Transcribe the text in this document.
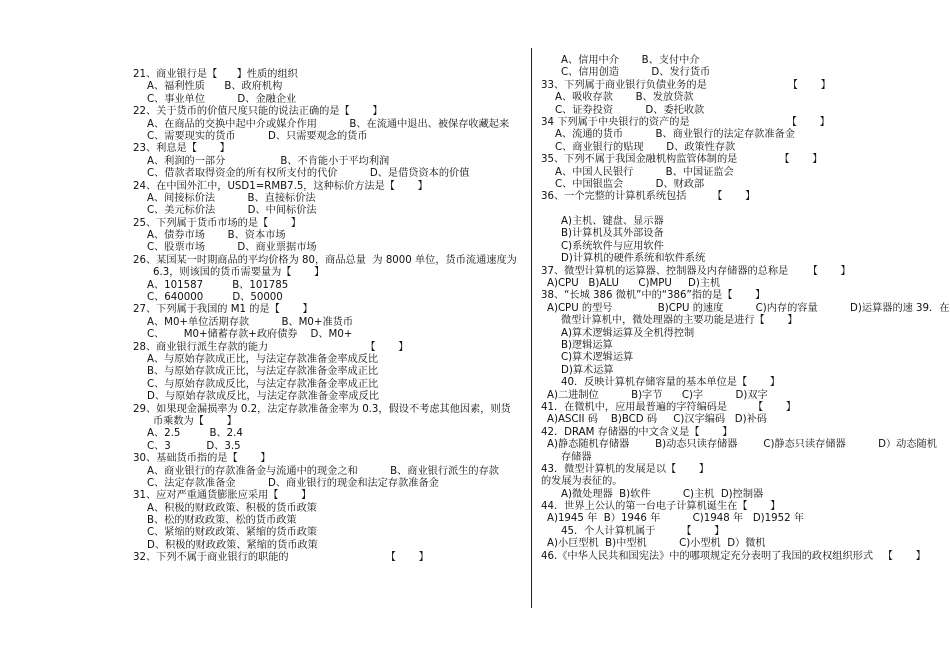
21、商业银行是【      】性质的组织
A、福利性质      B、政府机构
C、事业单位          D、金融企业
22、关于货币的价值尺度只能的说法正确的是【       】
A、在商品的交换中起中介或媒介作用          B、在流通中退出、被保存收藏起来
C、需要现实的货币          D、只需要观念的货币
23、利息是【       】
A、利润的一部分                 B、不肯能小于平均利润
C、借款者取得资金的所有权所支付的代价          D、是借贷资本的价值
24、在中国外汇中，USD1=RMB7.5，这种标价方法是【       】
A、间接标价法          B、直接标价法
C、美元标价法          D、中间标价法
25、下列属于货币市场的是【       】
A、债券市场       B、资本市场
C、股票市场          D、商业票据市场
26、某国某一时期商品的平均价格为 80，商品总量  为 8000 单位，货币流通速度为
6.3，则该国的货币需要量为【       】
A、101587         B、101785
C、640000         D、50000
27、下列属于我国的 M1 的是【       】
A、M0+单位活期存款          B、M0+准货币
C、      M0+储蓄存款+政府债券    D、M0+
28、商业银行派生存款的能力                              【       】
A、与原始存款成正比，与法定存款准备金率成反比
B、与原始存款成正比，与法定存款准备金率成正比
C、与原始存款成反比，与法定存款准备金率成正比
D、与原始存款成反比，与法定存款准备金率成反比
29、如果现金漏损率为 0.2，法定存款准备金率为 0.3，假设不考虑其他因素，则货
币乘数为【       】
A、2.5         B、2.4
C、3           D、3.5
30、基础货币指的是【       】
A、商业银行的存款准备金与流通中的现金之和          B、商业银行派生的存款
C、法定存款准备金          D、商业银行的现金和法定存款准备金
31、应对严重通货膨胀应采用【       】
A、积极的财政政策、积极的货币政策
B、松的财政政策、松的货币政策
C、紧缩的财政政策、紧缩的货币政策
D、积极的财政政策、紧缩的货币政策
32、下列不属于商业银行的职能的                              【       】
A、信用中介       B、支付中介
C、信用创造          D、发行货币
33、下列属于商业银行负债业务的是                         【       】
A、吸收存款       B、发放贷款
C、证券投资          D、委托收款
34 下列属于中央银行的资产的是                              【       】
A、流通的货币          B、商业银行的法定存款准备金
C、商业银行的贴现       D、政策性存款
35、下列不属于我国金融机构监管体制的是             【       】
A、中国人民银行          B、中国证监会
C、中国银监会          D、财政部
36、一个完整的计算机系统包括        【       】
A)主机、键盘、显示器
B)计算机及其外部设备
C)系统软件与应用软件
D)计算机的硬件系统和软件系统
37、微型计算机的运算器、控制器及内存储器的总称是      【       】
A)CPU   B)ALU      C)MPU     D)主机
38、“长城 386 微机”中的“386”指的是【       】
A)CPU 的型号              B)CPU 的速度          C)内存的容量          D)运算器的速 39．在
微型计算机中，微处理器的主要功能是进行【       】
A)算术逻辑运算及全机得控制
B)逻辑运算
C)算术逻辑运算
D)算术运算
40．反映计算机存储容量的基本单位是【       】
A)二进制位          B)字节      C)字          D)双字
41．在微机中，应用最普遍的字符编码是        【       】
A)ASCII 码    B)BCD 码     C)汉字编码   D)补码
42．DRAM 存储器的中文含义是【       】
A)静态随机存储器        B)动态只读存储器        C)静态只读存储器          D）动态随机
存储器
43．微型计算机的发展是以【       】
的发展为表征的。
A)微处理器  B)软件          C)主机  D)控制器
44．世界上公认的第一台电子计算机诞生在【       】
A)1945 年  B）1946 年          C)1948 年   D)1952 年
45．个人计算机属于        【       】
A)小巨型机  B)中型机          C)小型机  D）微机
46.《中华人民共和国宪法》中的哪项规定充分表明了我国的政权组织形式   【       】
